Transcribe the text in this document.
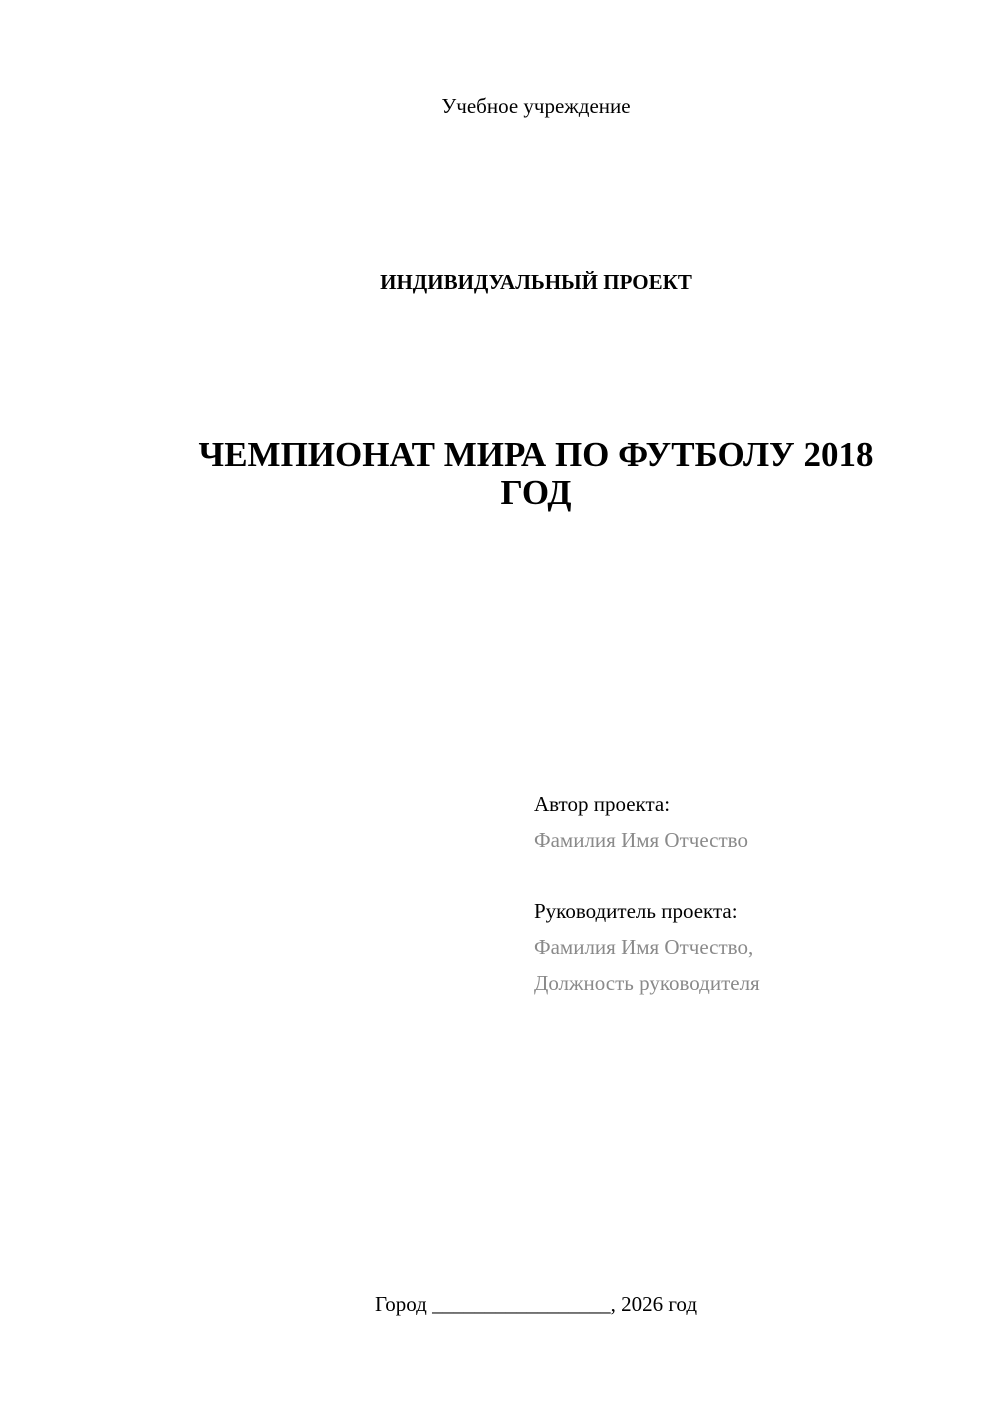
Учебное учреждение
ИНДИВИДУАЛЬНЫЙ ПРОЕКТ
ЧЕМПИОНАТ МИРА ПО ФУТБОЛУ 2018
ГОД
Автор проекта:
Фамилия Имя Отчество
Руководитель проекта:
Фамилия Имя Отчество,
Должность руководителя
Город _________________, 2026 год
